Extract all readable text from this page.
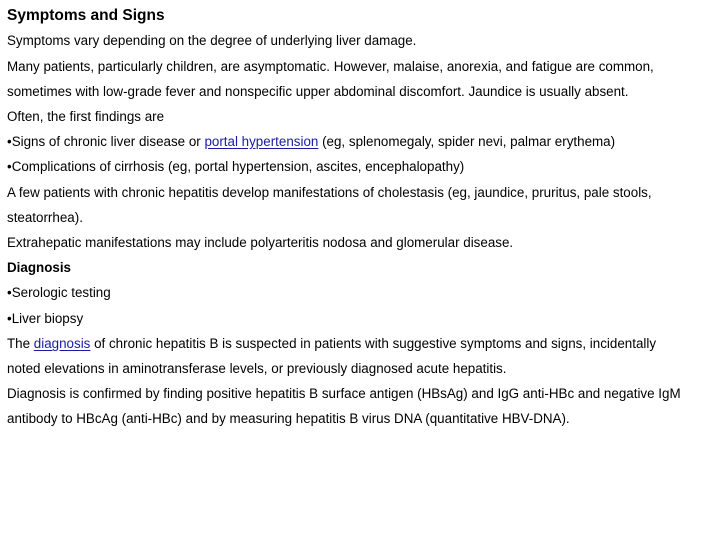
Symptoms and Signs
Symptoms vary depending on the degree of underlying liver damage.
Many patients, particularly children, are asymptomatic. However, malaise, anorexia, and fatigue are common,
sometimes with low-grade fever and nonspecific upper abdominal discomfort. Jaundice is usually absent.
Often, the first findings are
•Signs of chronic liver disease or portal hypertension (eg, splenomegaly, spider nevi, palmar erythema)
•Complications of cirrhosis (eg, portal hypertension, ascites, encephalopathy)
A few patients with chronic hepatitis develop manifestations of cholestasis (eg, jaundice, pruritus, pale stools,
steatorrhea).
Extrahepatic manifestations may include polyarteritis nodosa and glomerular disease.
Diagnosis
•Serologic testing
•Liver biopsy
The diagnosis of chronic hepatitis B is suspected in patients with suggestive symptoms and signs, incidentally
noted elevations in aminotransferase levels, or previously diagnosed acute hepatitis.
Diagnosis is confirmed by finding positive hepatitis B surface antigen (HBsAg) and IgG anti-HBc and negative IgM
antibody to HBcAg (anti-HBc) and by measuring hepatitis B virus DNA (quantitative HBV-DNA).
